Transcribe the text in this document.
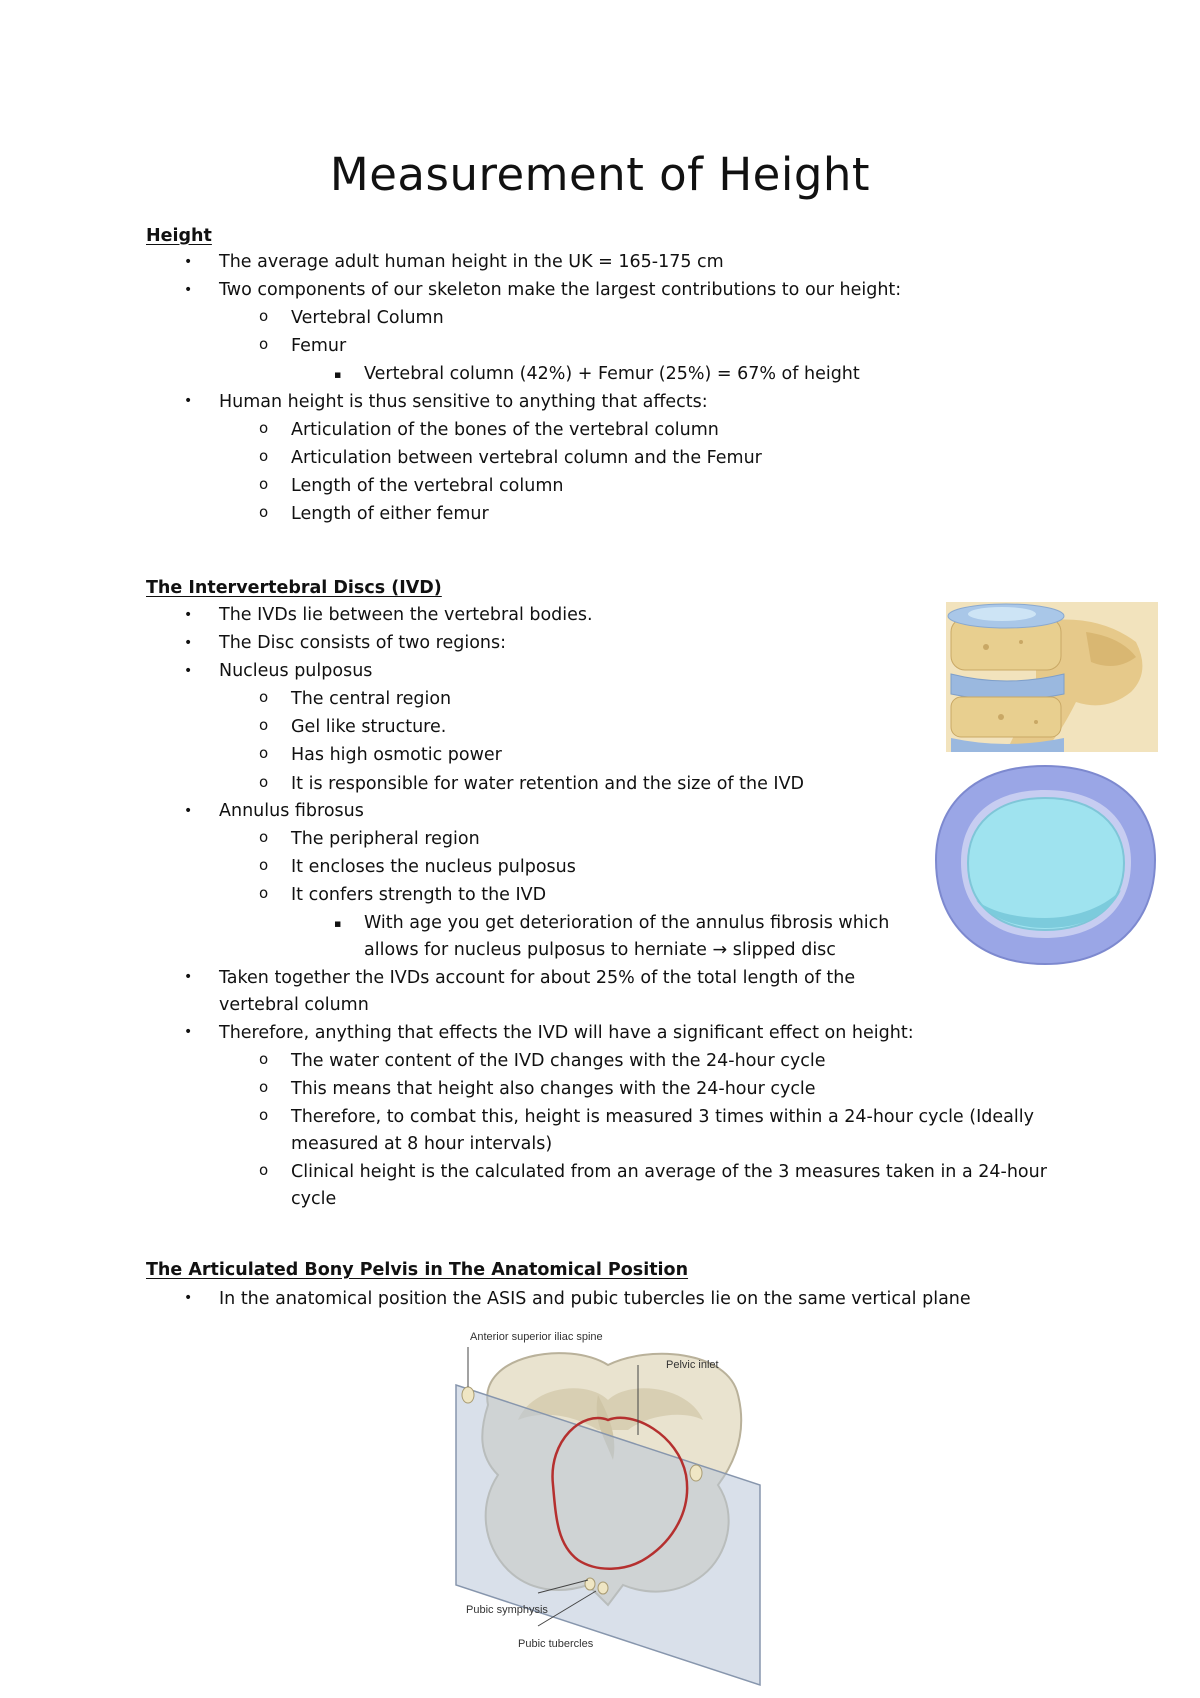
Measurement of Height
Height
• The average adult human height in the UK = 165-175 cm
• Two components of our skeleton make the largest contributions to our height:
o Vertebral Column
o Femur
▪ Vertebral column (42%) + Femur (25%) = 67% of height
• Human height is thus sensitive to anything that affects:
o Articulation of the bones of the vertebral column
o Articulation between vertebral column and the Femur
o Length of the vertebral column
o Length of either femur
The Intervertebral Discs (IVD)
• The IVDs lie between the vertebral bodies.
• The Disc consists of two regions:
• Nucleus pulposus
o The central region
o Gel like structure.
o Has high osmotic power
o It is responsible for water retention and the size of the IVD
• Annulus fibrosus
o The peripheral region
o It encloses the nucleus pulposus
o It confers strength to the IVD
▪ With age you get deterioration of the annulus fibrosis which
allows for nucleus pulposus to herniate → slipped disc
• Taken together the IVDs account for about 25% of the total length of the
vertebral column
• Therefore, anything that effects the IVD will have a significant effect on height:
o The water content of the IVD changes with the 24-hour cycle
o This means that height also changes with the 24-hour cycle
o Therefore, to combat this, height is measured 3 times within a 24-hour cycle (Ideally
measured at 8 hour intervals)
o Clinical height is the calculated from an average of the 3 measures taken in a 24-hour
cycle
The Articulated Bony Pelvis in The Anatomical Position
• In the anatomical position the ASIS and pubic tubercles lie on the same vertical plane
Anterior superior iliac spine
Pelvic inlet
Pubic symphysis
Pubic tubercles
